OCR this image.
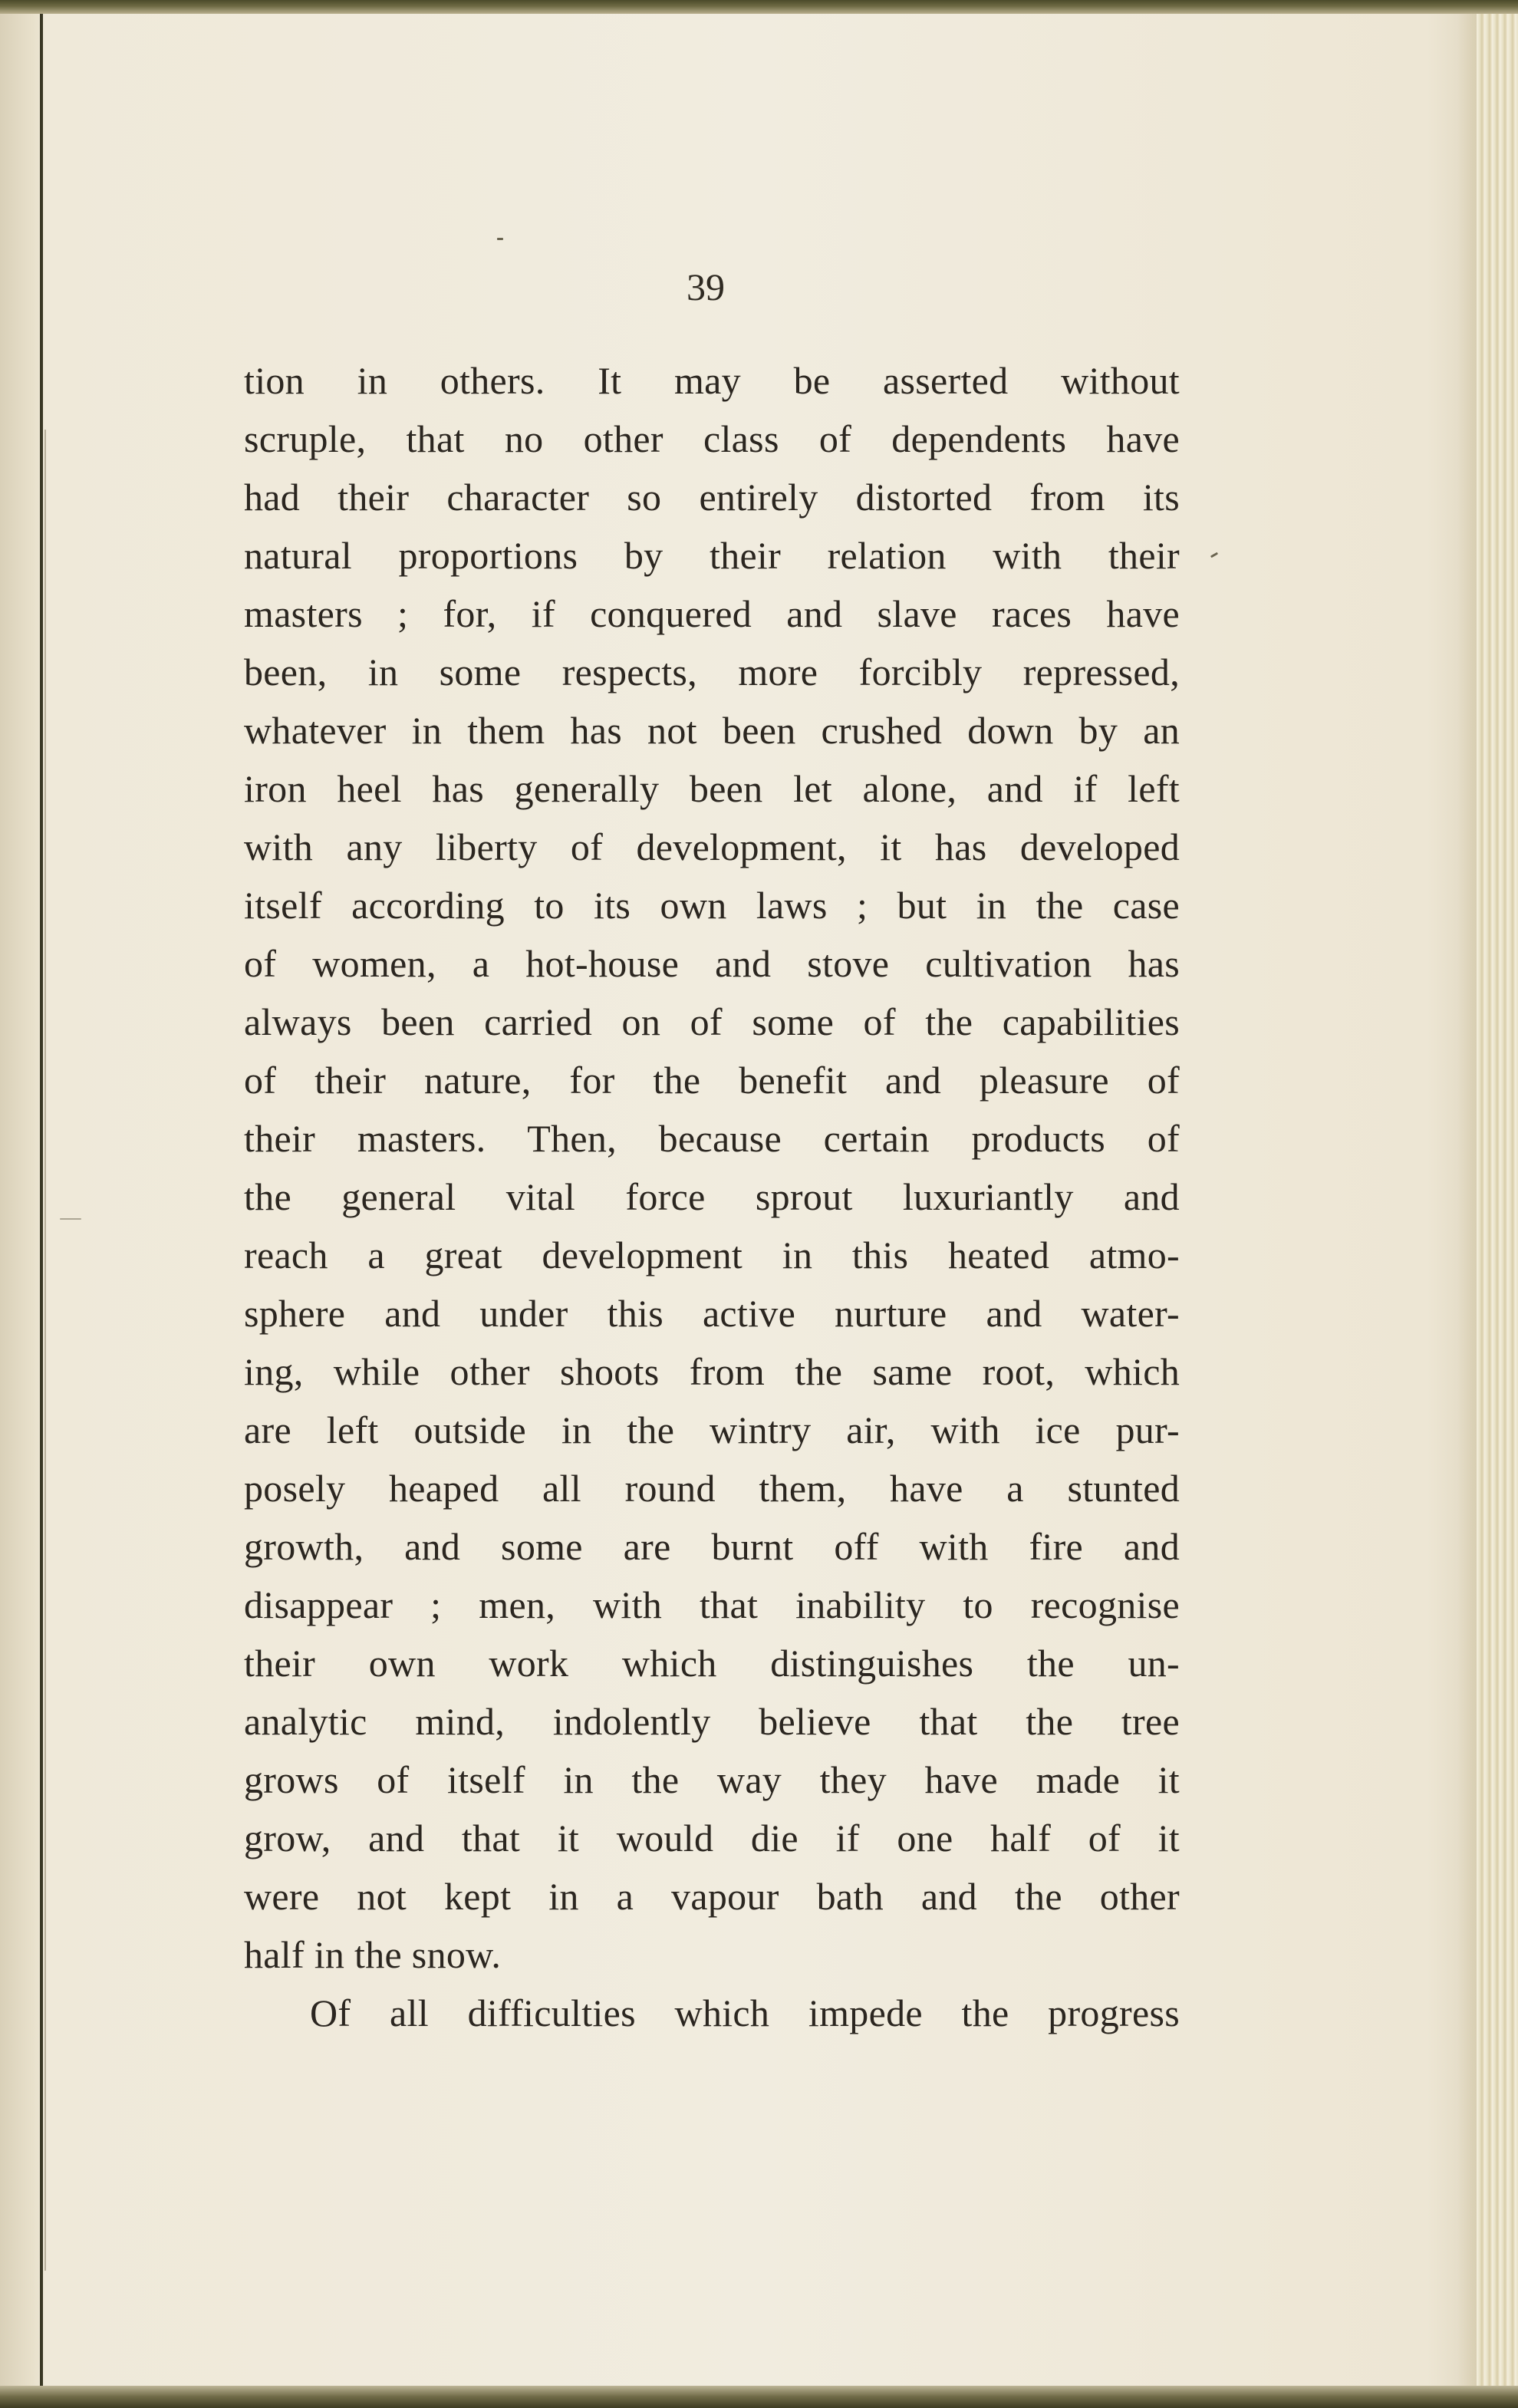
39
tion in others. It may be asserted without
scruple, that no other class of dependents have
had their character so entirely distorted from its
natural proportions by their relation with their
masters ; for, if conquered and slave races have
been, in some respects, more forcibly repressed,
whatever in them has not been crushed down by an
iron heel has generally been let alone, and if left
with any liberty of development, it has developed
itself according to its own laws ; but in the case
of women, a hot-house and stove cultivation has
always been carried on of some of the capabilities
of their nature, for the benefit and pleasure of
their masters. Then, because certain products of
the general vital force sprout luxuriantly and
reach a great development in this heated atmo-
sphere and under this active nurture and water-
ing, while other shoots from the same root, which
are left outside in the wintry air, with ice pur-
posely heaped all round them, have a stunted
growth, and some are burnt off with fire and
disappear ; men, with that inability to recognise
their own work which distinguishes the un-
analytic mind, indolently believe that the tree
grows of itself in the way they have made it
grow, and that it would die if one half of it
were not kept in a vapour bath and the other
half in the snow.
Of all difficulties which impede the progress
